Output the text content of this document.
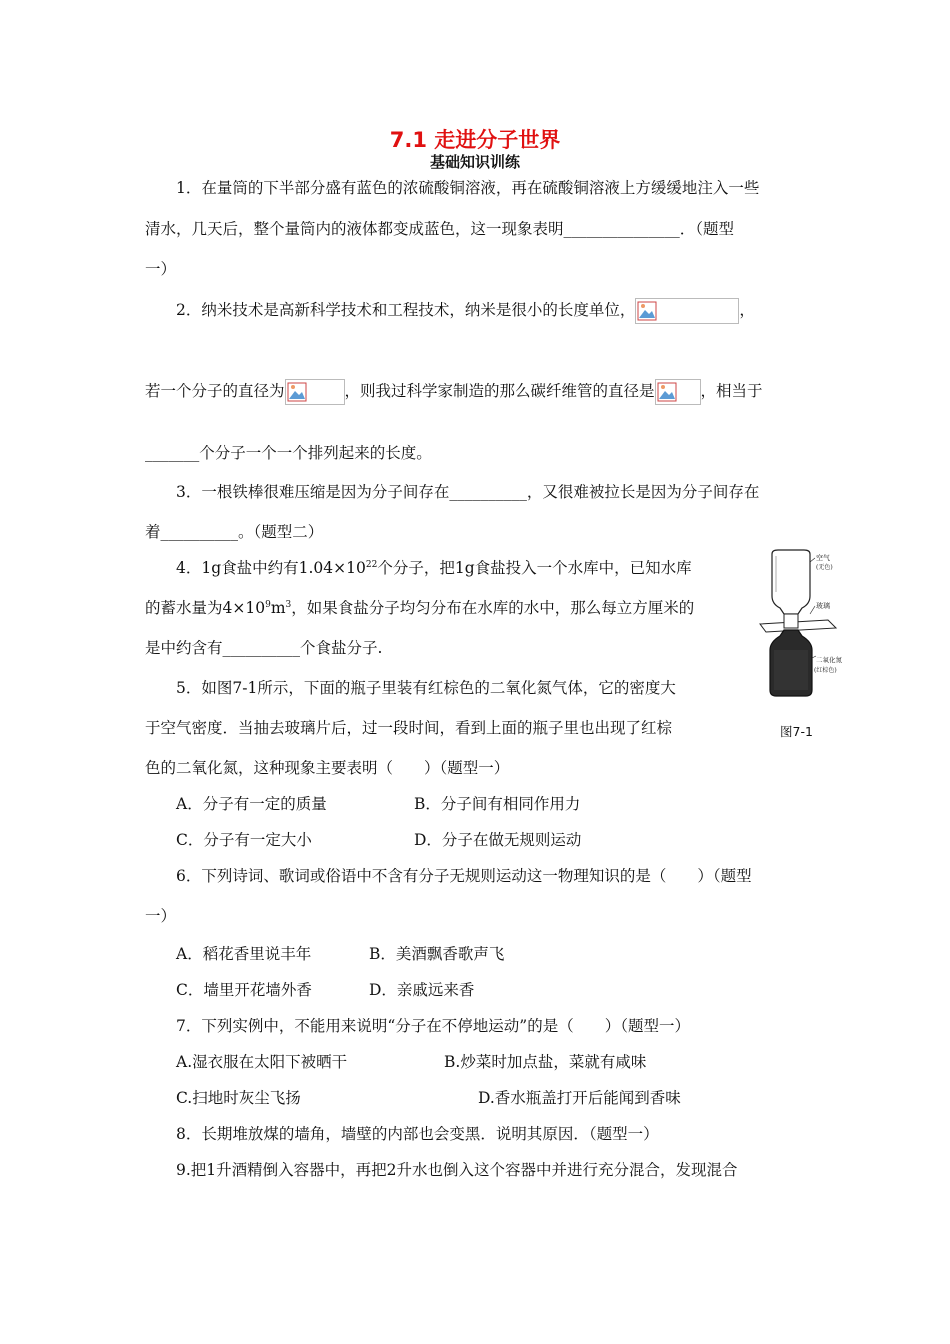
7.1 走进分子世界
基础知识训练
1．在量筒的下半部分盛有蓝色的浓硫酸铜溶液，再在硫酸铜溶液上方缓缓地注入一些
清水，几天后，整个量筒内的液体都变成蓝色，这一现象表明_______________．（题型
一）
2．纳米技术是高新科学技术和工程技术，纳米是很小的长度单位，	，
若一个分子的直径为	，则我过科学家制造的那么碳纤维管的直径是	，相当于
_______个分子一个一个排列起来的长度。
3．一根铁棒很难压缩是因为分子间存在__________，又很难被拉长是因为分子间存在
着__________。（题型二）
4．1g食盐中约有$1.04\times 10^{22}$个分子，把1g食盐投入一个水库中，已知水库
的蓄水量为$4\times 10^9m^3$，如果食盐分子均匀分布在水库的水中，那么每立方厘米的
是中约含有__________个食盐分子.
空气
(无色)
玻璃
二氧化氮
(红棕色)
图7-1
5．如图7-1所示，下面的瓶子里装有红棕色的二氧化氮气体，它的密度大
于空气密度．当抽去玻璃片后，过一段时间，看到上面的瓶子里也出现了红棕
色的二氧化氮，这种现象主要表明（　　）（题型一）
A．分子有一定的质量	B．分子间有相同作用力
C．分子有一定大小	D．分子在做无规则运动
6．下列诗词、歌词或俗语中不含有分子无规则运动这一物理知识的是（　　）（题型
一）
A．稻花香里说丰年	B．美酒飘香歌声飞
C．墙里开花墙外香	D．亲戚远来香
7．下列实例中，不能用来说明“分子在不停地运动”的是（　　）（题型一）
A.湿衣服在太阳下被晒干	B.炒菜时加点盐，菜就有咸味
C.扫地时灰尘飞扬	D.香水瓶盖打开后能闻到香味
8．长期堆放煤的墙角，墙壁的内部也会变黑．说明其原因．（题型一）
9.把1升酒精倒入容器中，再把2升水也倒入这个容器中并进行充分混合，发现混合
